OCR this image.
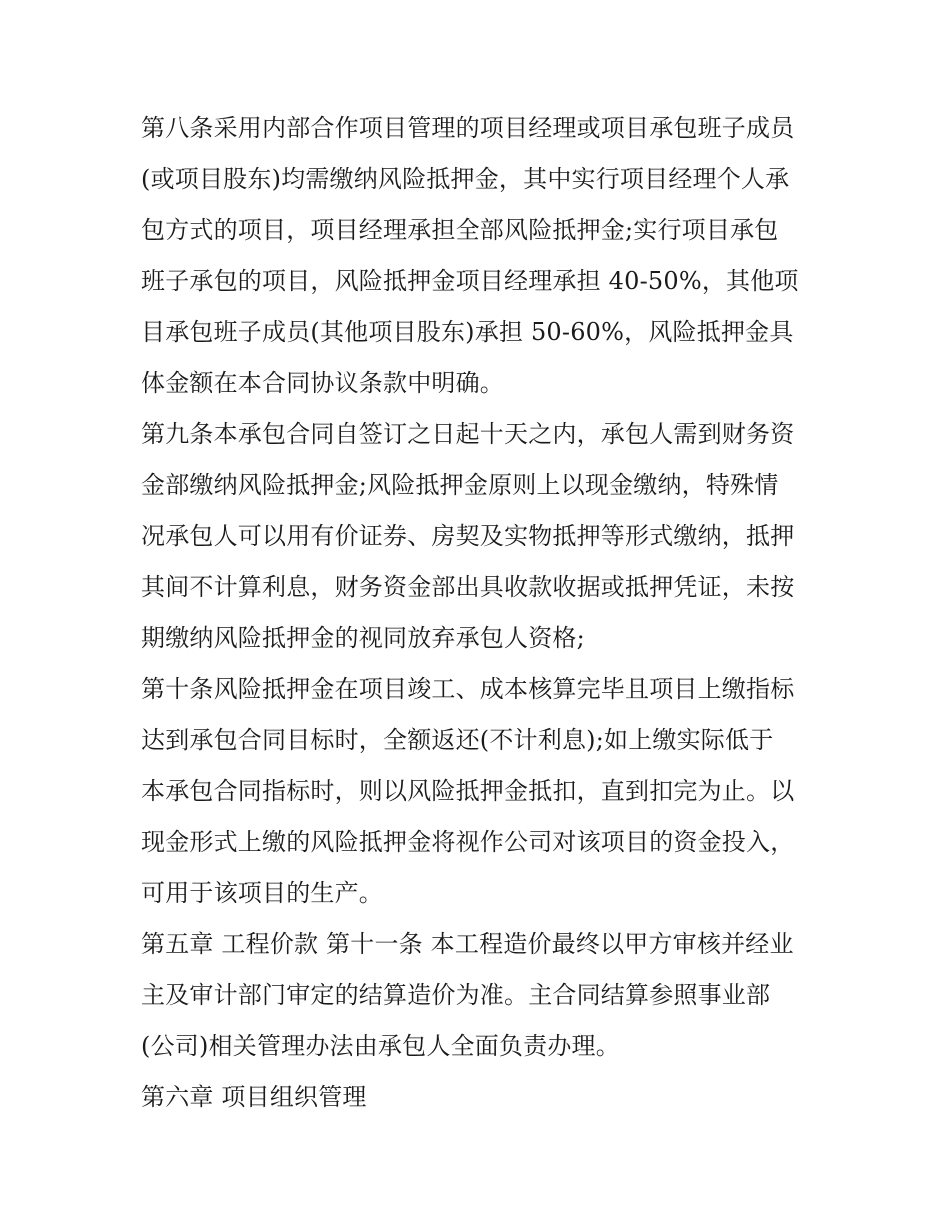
第八条采用内部合作项目管理的项目经理或项目承包班子成员
(或项目股东)均需缴纳风险抵押金，其中实行项目经理个人承
包方式的项目，项目经理承担全部风险抵押金;实行项目承包
班子承包的项目，风险抵押金项目经理承担 40-50%，其他项
目承包班子成员(其他项目股东)承担 50-60%，风险抵押金具
体金额在本合同协议条款中明确。
第九条本承包合同自签订之日起十天之内，承包人需到财务资
金部缴纳风险抵押金;风险抵押金原则上以现金缴纳，特殊情
况承包人可以用有价证券、房契及实物抵押等形式缴纳，抵押
其间不计算利息，财务资金部出具收款收据或抵押凭证，未按
期缴纳风险抵押金的视同放弃承包人资格;
第十条风险抵押金在项目竣工、成本核算完毕且项目上缴指标
达到承包合同目标时，全额返还(不计利息);如上缴实际低于
本承包合同指标时，则以风险抵押金抵扣，直到扣完为止。以
现金形式上缴的风险抵押金将视作公司对该项目的资金投入，
可用于该项目的生产。
第五章 工程价款 第十一条 本工程造价最终以甲方审核并经业
主及审计部门审定的结算造价为准。主合同结算参照事业部
(公司)相关管理办法由承包人全面负责办理。
第六章 项目组织管理
